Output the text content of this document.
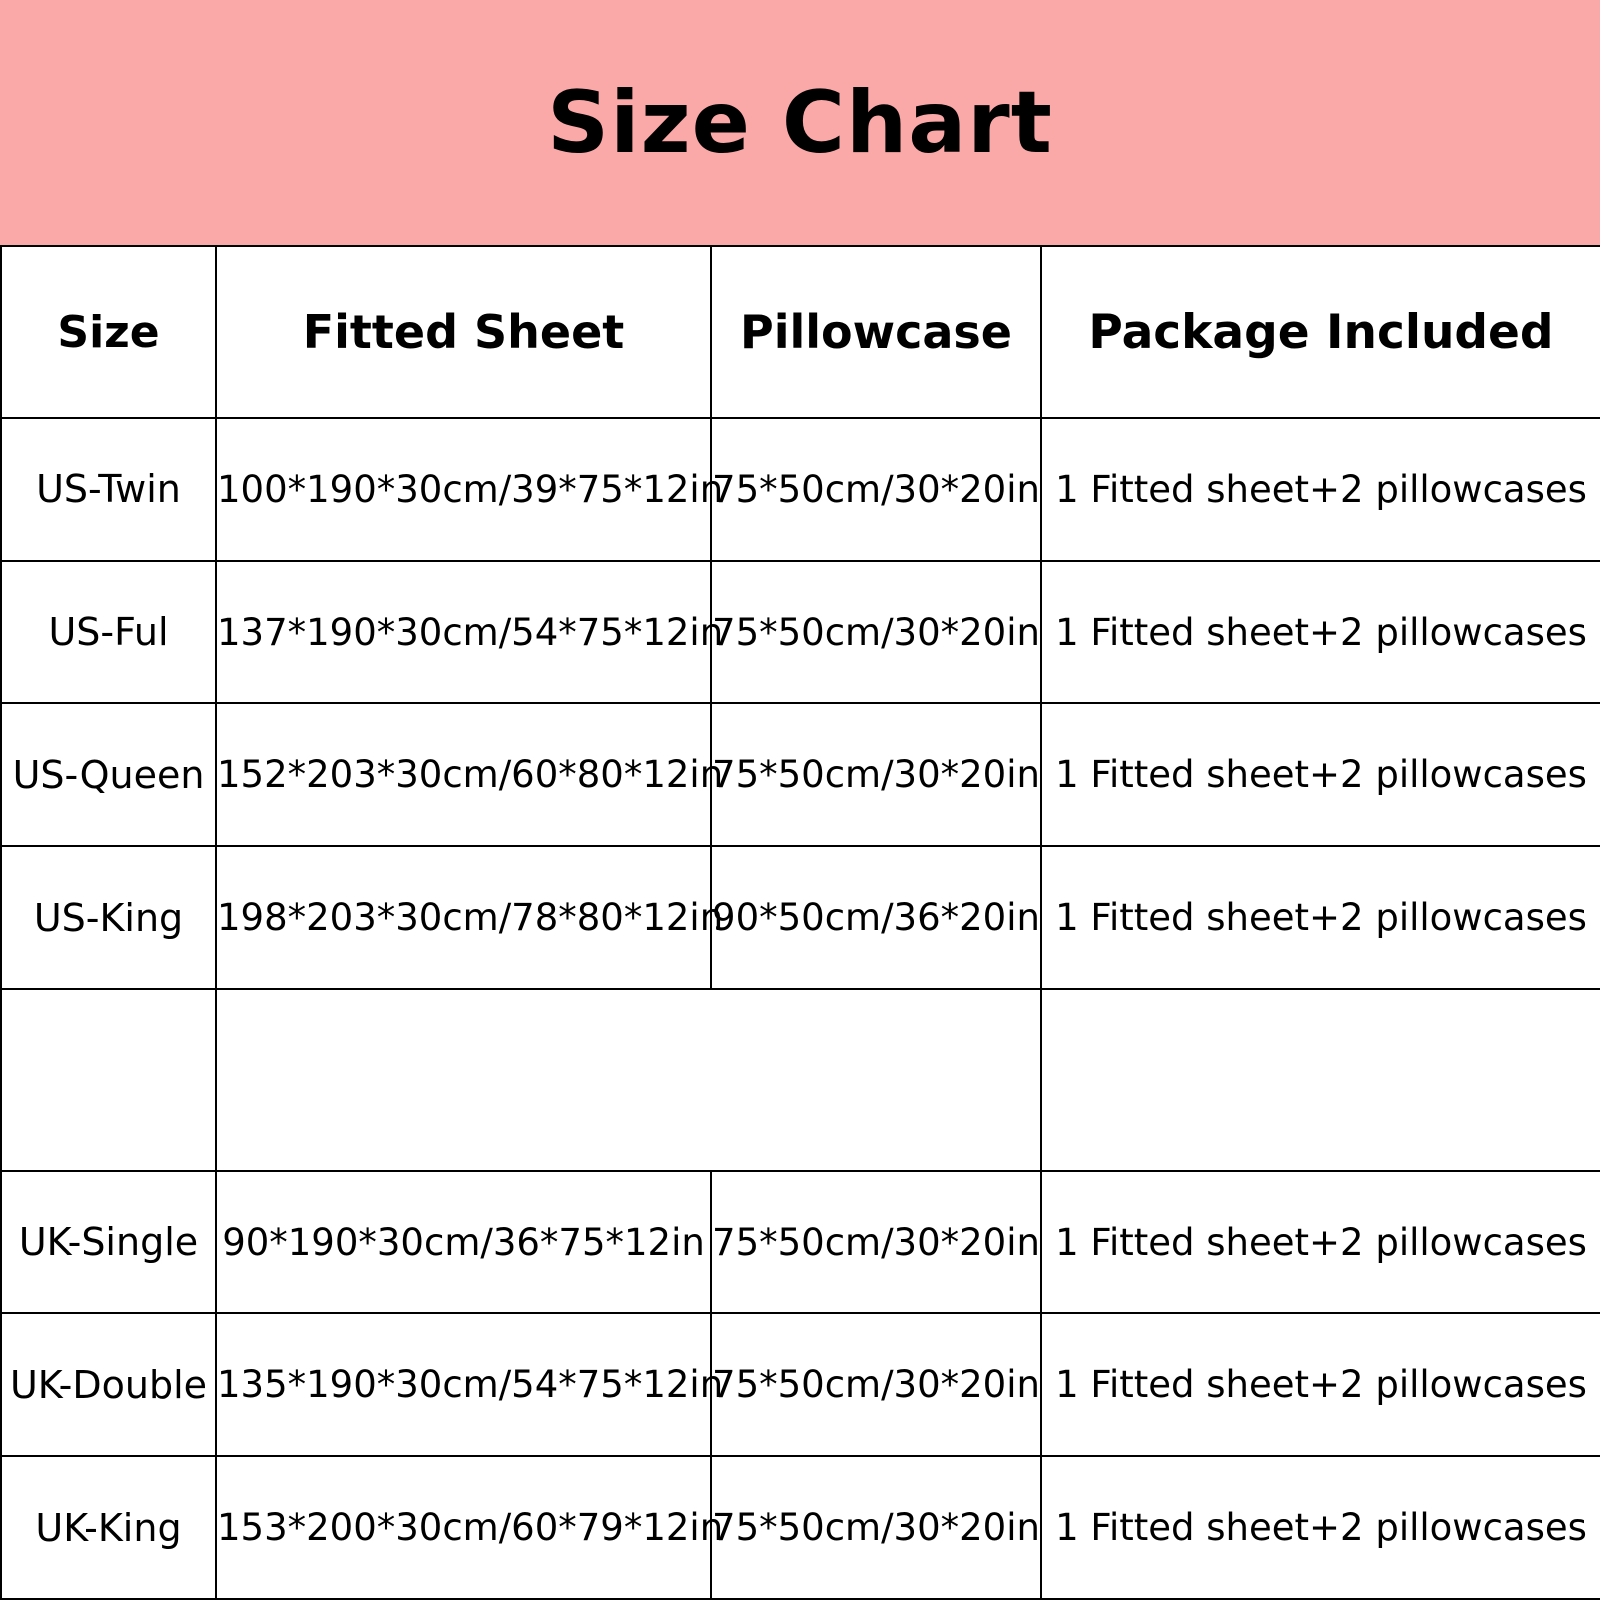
Size Chart
Size	Fitted Sheet	Pillowcase	Package Included
US-Twin	100*190*30cm/39*75*12in	75*50cm/30*20in	1 Fitted sheet+2 pillowcases
US-Ful	137*190*30cm/54*75*12in	75*50cm/30*20in	1 Fitted sheet+2 pillowcases
US-Queen	152*203*30cm/60*80*12in	75*50cm/30*20in	1 Fitted sheet+2 pillowcases
US-King	198*203*30cm/78*80*12in	90*50cm/36*20in	1 Fitted sheet+2 pillowcases

UK-Single	90*190*30cm/36*75*12in	75*50cm/30*20in	1 Fitted sheet+2 pillowcases
UK-Double	135*190*30cm/54*75*12in	75*50cm/30*20in	1 Fitted sheet+2 pillowcases
UK-King	153*200*30cm/60*79*12in	75*50cm/30*20in	1 Fitted sheet+2 pillowcases
